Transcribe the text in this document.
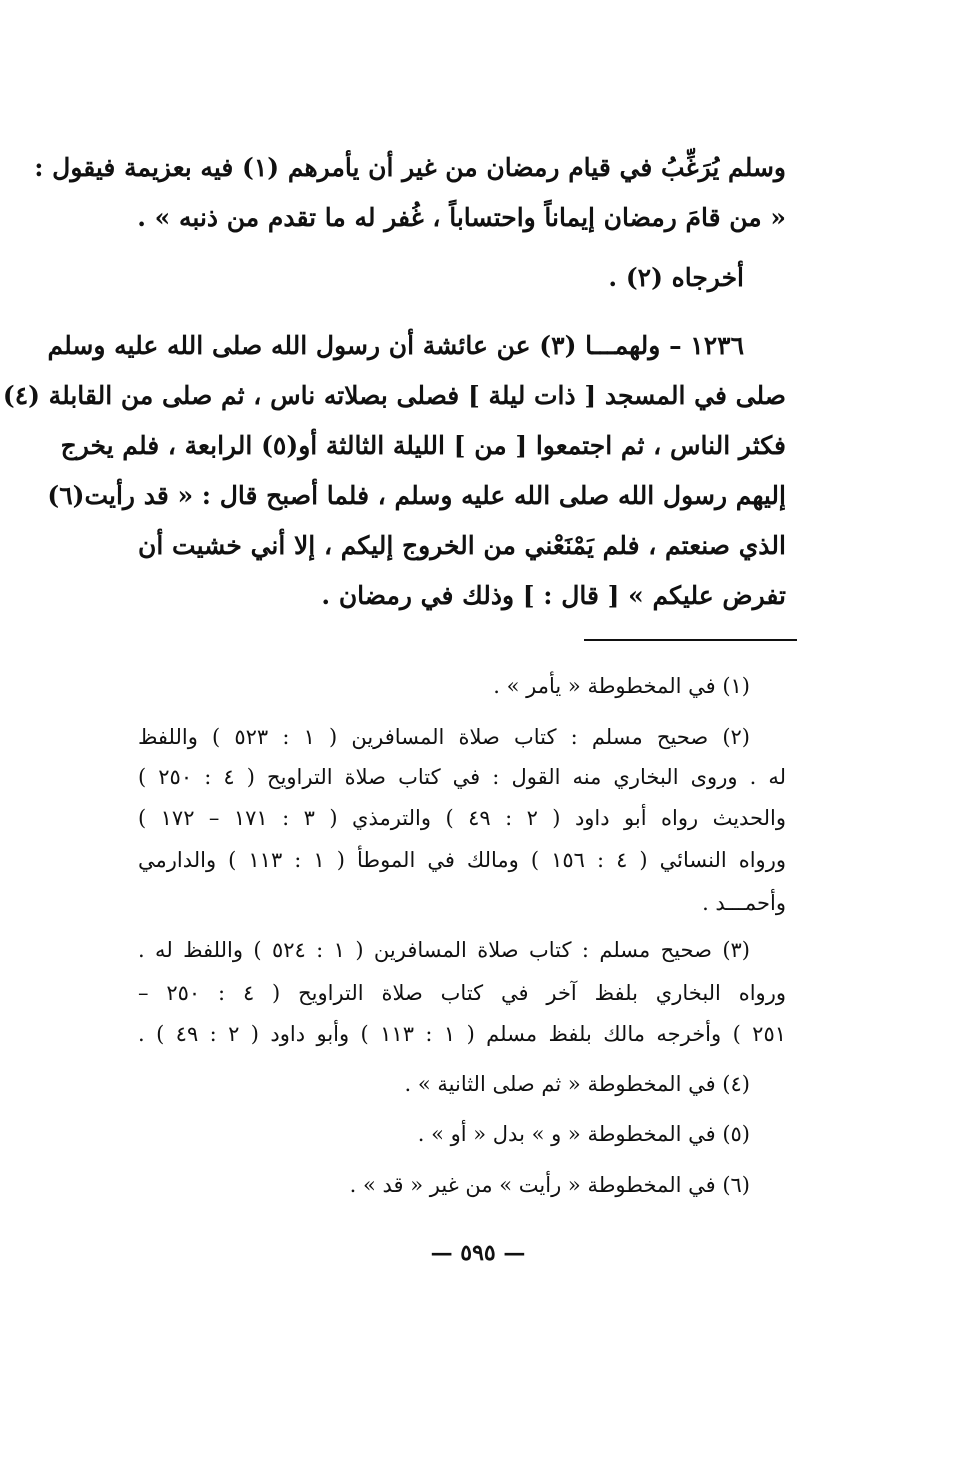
وسلم يُرَغِّبُ في قيام رمضان من غير أن يأمرهم (١) فيه بعزيمة فيقول :
« من قامَ رمضان إيماناً واحتساباً ، غُفر له ما تقدم من ذنبه » .
أخرجاه (٢) .
١٢٣٦ – ولهمـــا (٣) عن عائشة أن رسول الله صلى الله عليه وسلم
صلى في المسجد [ ذات ليلة ] فصلى بصلاته ناس ، ثم صلى من القابلة (٤)
فكثر الناس ، ثم اجتمعوا [ من ] الليلة الثالثة أو(٥) الرابعة ، فلم يخرج
إليهم رسول الله صلى الله عليه وسلم ، فلما أصبح قال : « قد رأيت(٦)
الذي صنعتم ، فلم يَمْنَعْني من الخروج إليكم ، إلا أني خشيت أن
تفرض عليكم » [ قال : ] وذلك في رمضان .
(١) في المخطوطة « يأمر » .
(٢) صحيح مسلم : كتاب صلاة المسافرين ( ١ : ٥٢٣ ) واللفظ
له . وروى البخاري منه القول : في كتاب صلاة التراويح ( ٤ : ٢٥٠ )
والحديث رواه أبو داود ( ٢ : ٤٩ ) والترمذي ( ٣ : ١٧١ – ١٧٢ )
ورواه النسائي ( ٤ : ١٥٦ ) ومالك في الموطأ ( ١ : ١١٣ ) والدارمي
وأحمـــد .
(٣) صحيح مسلم : كتاب صلاة المسافرين ( ١ : ٥٢٤ ) واللفظ له .
ورواه البخاري بلفظ آخر في كتاب صلاة التراويح ( ٤ : ٢٥٠ –
٢٥١ ) وأخرجه مالك بلفظ مسلم ( ١ : ١١٣ ) وأبو داود ( ٢ : ٤٩ ) .
(٤) في المخطوطة « ثم صلى الثانية » .
(٥) في المخطوطة « و » بدل « أو » .
(٦) في المخطوطة « رأيت » من غير « قد » .
— ٥٩٥ —
